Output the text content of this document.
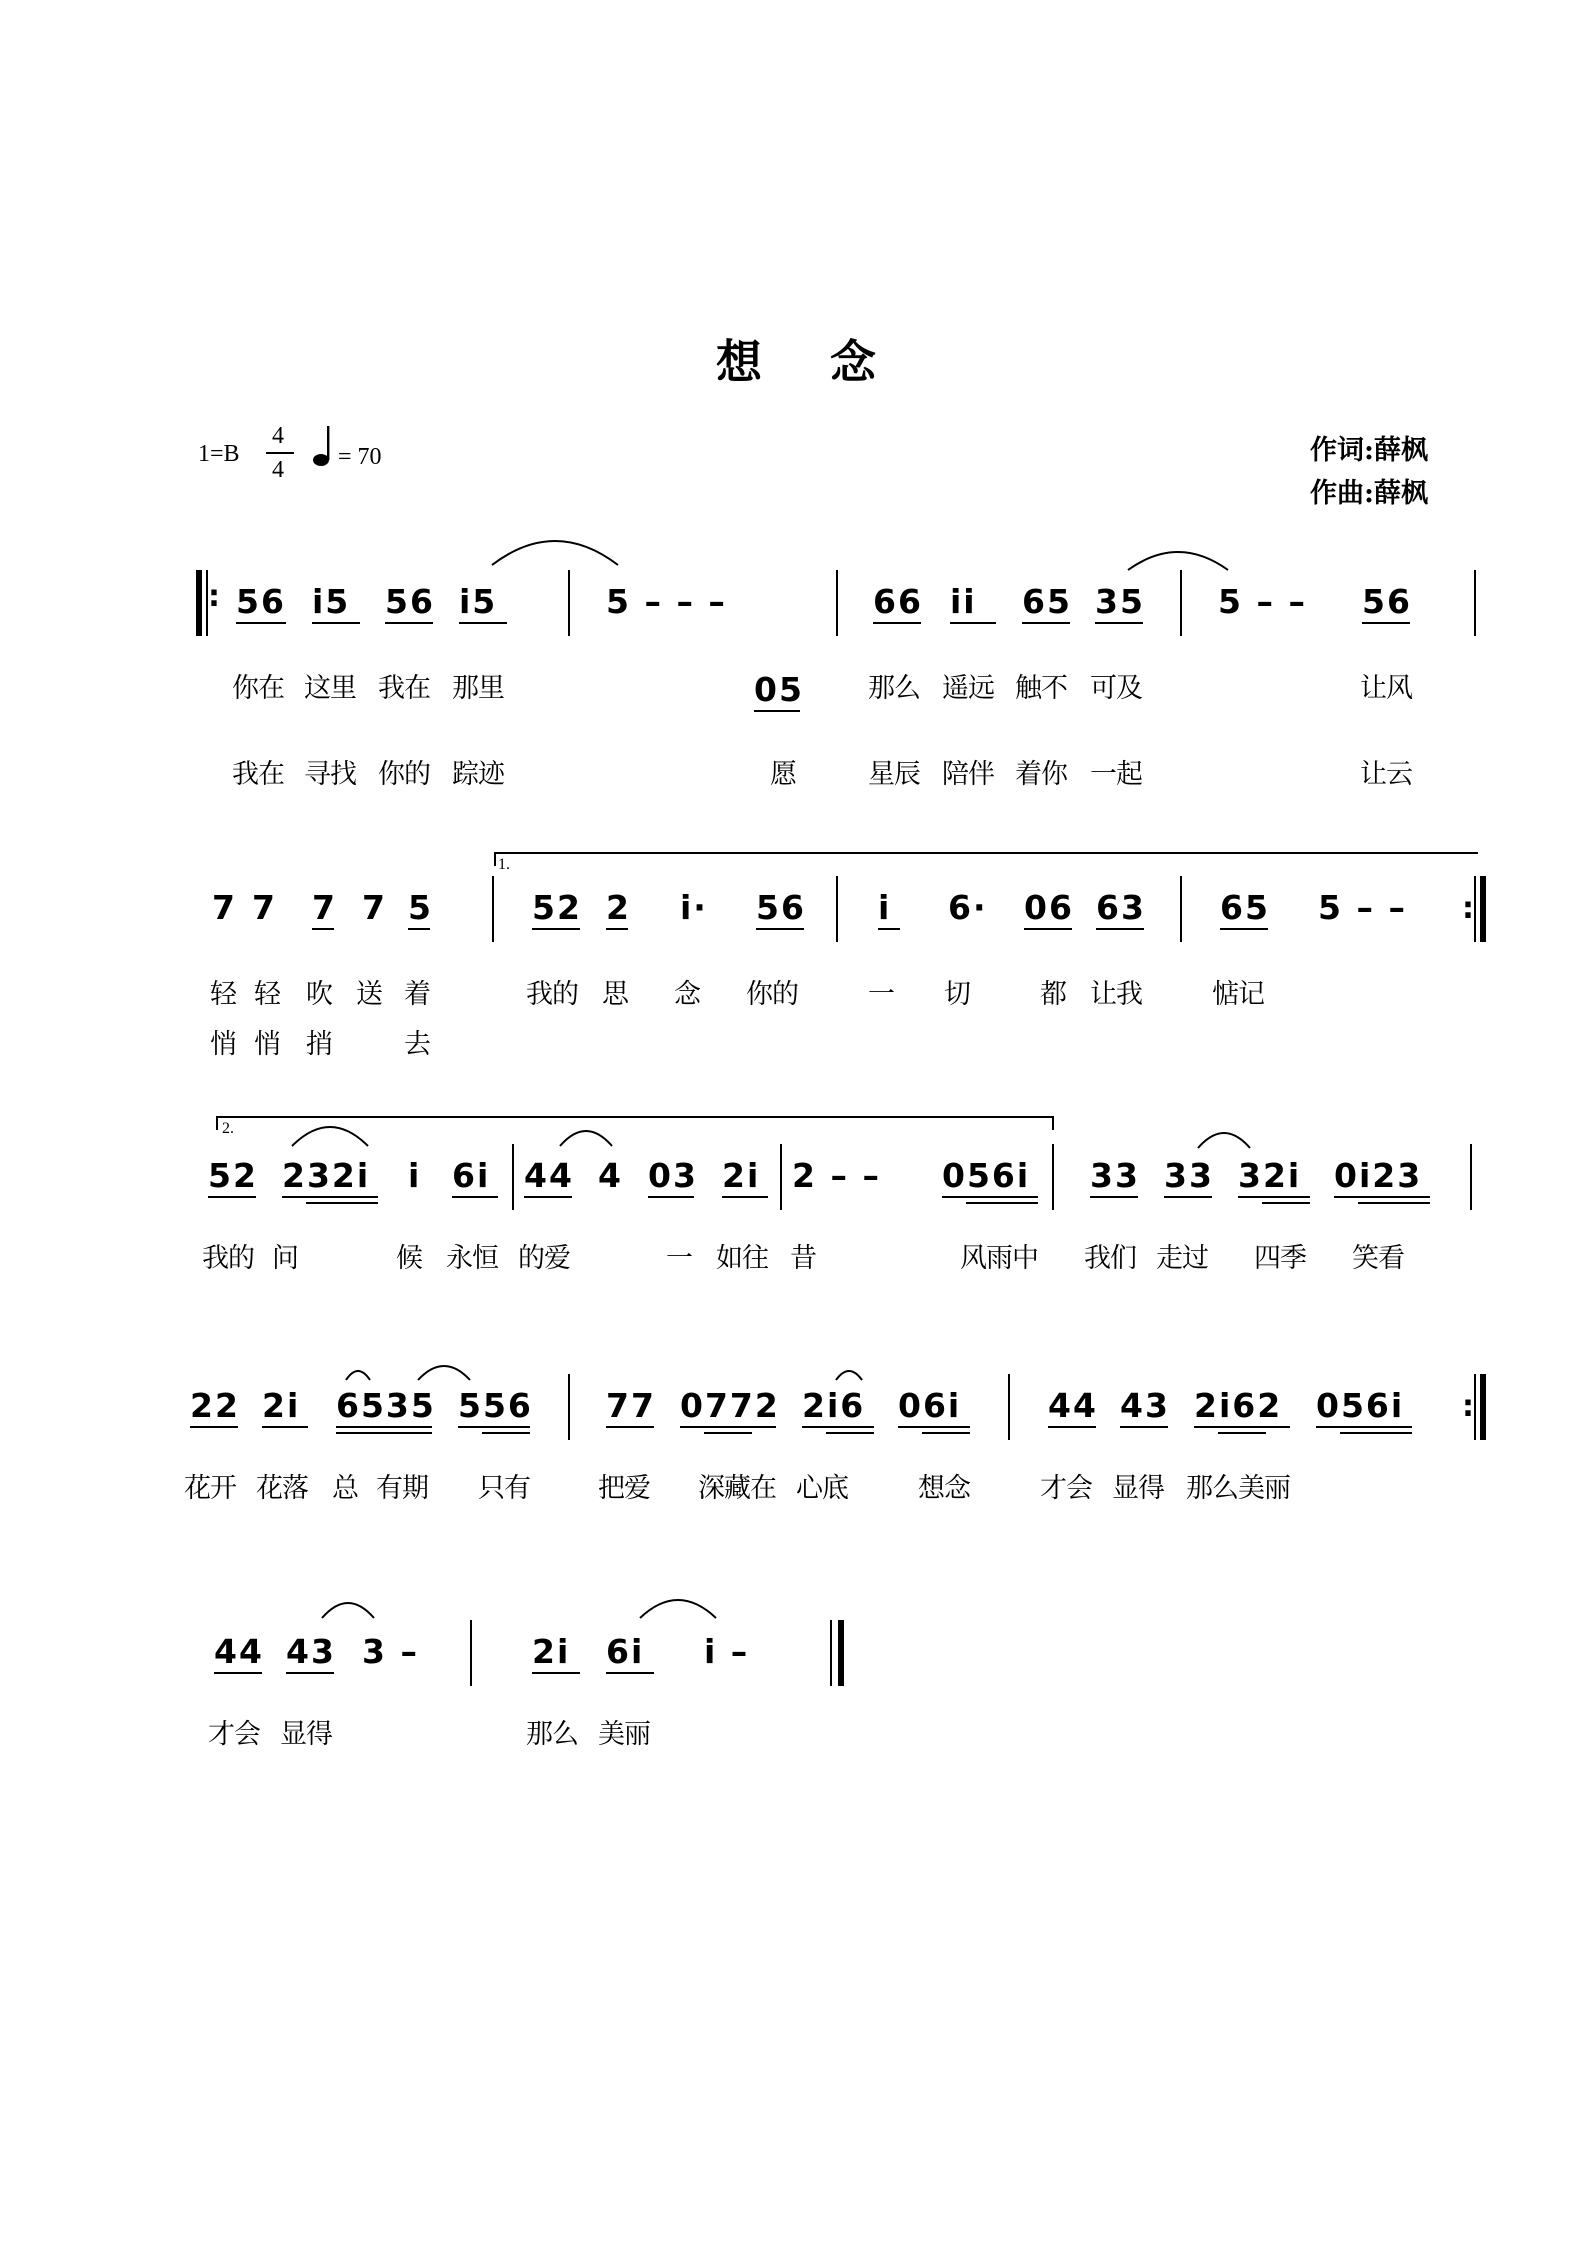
想 念
1=B
4
4 = 70	作词:薛枫
作曲:薛枫
: 56 i5 56 i5	5 – – –	66 ii 65 35 5 – – 56
你在 这里 我在 那里	05 那么 遥远 触不 可及	让风
我在 寻找 你的 踪迹	愿	星辰 陪伴 着你 一起	让云
1.
7 7 7 7 5	52 2 i· 56 i 6· 06 63 65 5 – – :
轻 轻 吹 送 着	我的 思 念 你的	一 切	都 让我	惦记
悄 悄 捎	去
2.
52 232i i 6i 44 4 03 2i 2 – – 056i 33 33 32i 0i23
我的 问	候 永恒 的爱	一 如往 昔	风雨中 我们 走过 四季 笑看
22 2i 6535 556 77 0772 2i6 06i	44 43 2i62 056i :
花开 花落 总 有期 只有	把爱 深藏在 心底	想念	才会 显得 那么美丽
44 43 3 –	2i 6i i –
才会 显得	那么 美丽
